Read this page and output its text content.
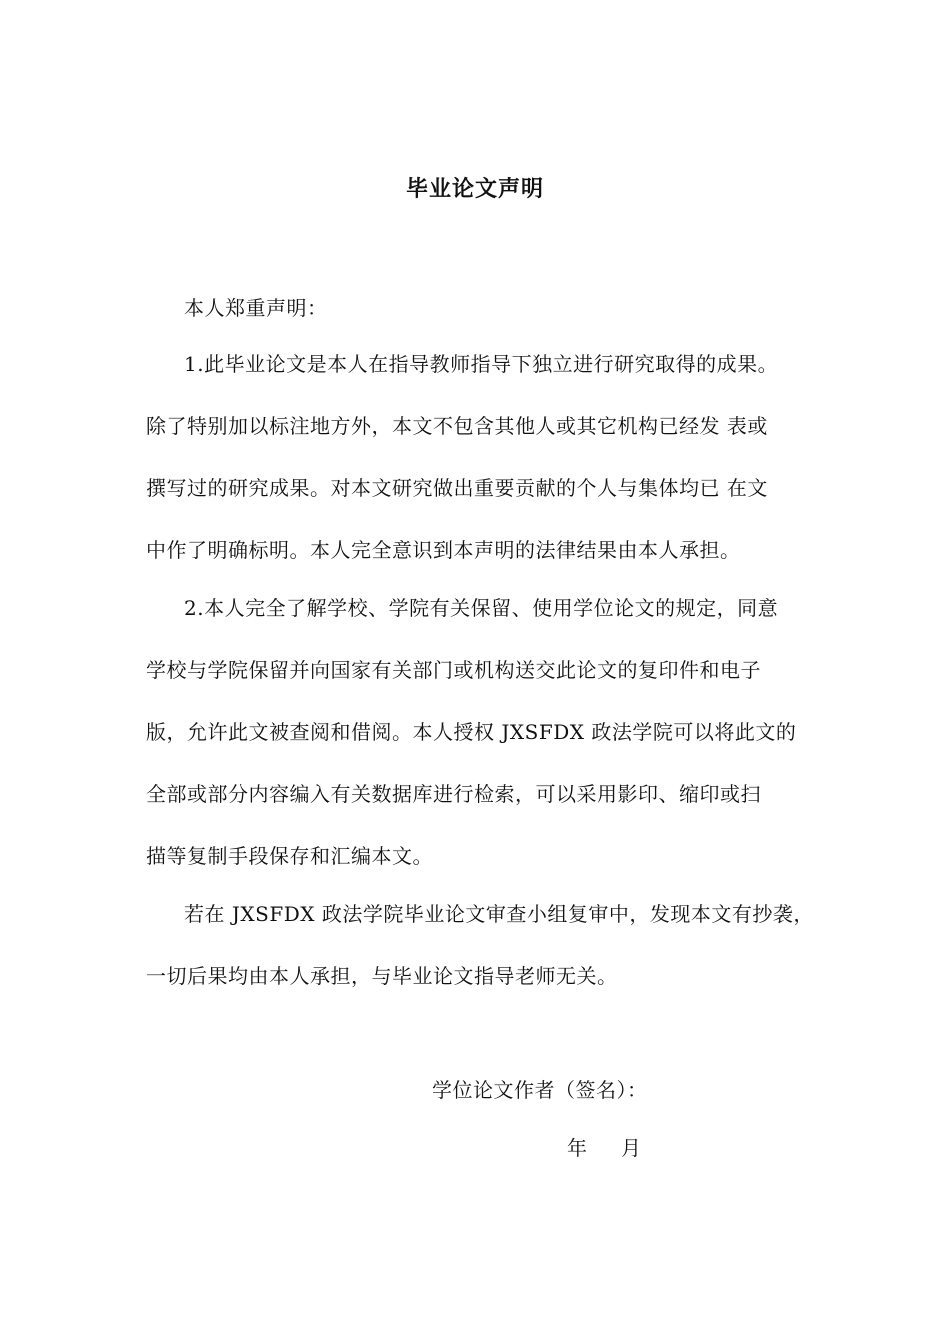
毕业论文声明
本人郑重声明：
1.此毕业论文是本人在指导教师指导下独立进行研究取得的成果。
除了特别加以标注地方外，本文不包含其他人或其它机构已经发 表或
撰写过的研究成果。对本文研究做出重要贡献的个人与集体均已 在文
中作了明确标明。本人完全意识到本声明的法律结果由本人承担。
2.本人完全了解学校、学院有关保留、使用学位论文的规定，同意
学校与学院保留并向国家有关部门或机构送交此论文的复印件和电子
版，允许此文被查阅和借阅。本人授权 JXSFDX 政法学院可以将此文的
全部或部分内容编入有关数据库进行检索，可以采用影印、缩印或扫
描等复制手段保存和汇编本文。
若在 JXSFDX 政法学院毕业论文审查小组复审中，发现本文有抄袭，
一切后果均由本人承担，与毕业论文指导老师无关。
学位论文作者（签名）：
年 月
